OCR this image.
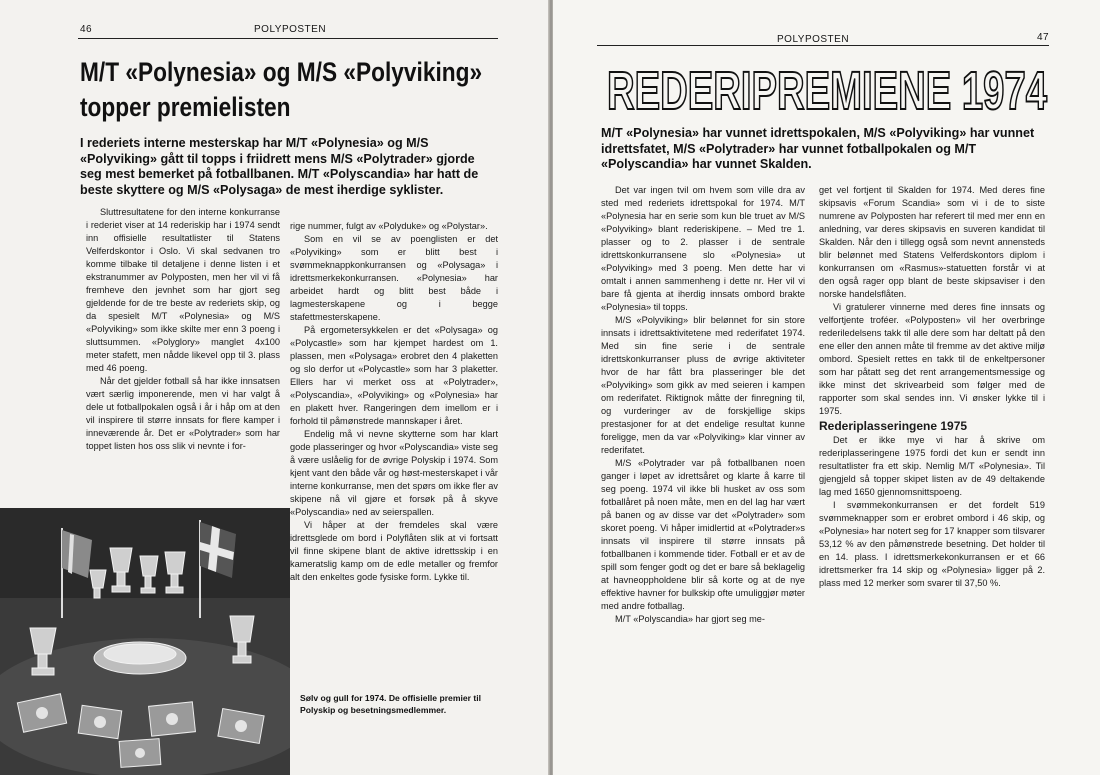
46	POLYPOSTEN
M/T «Polynesia» og M/S «Polyviking»
topper premielisten

I rederiets interne mesterskap har M/T «Polynesia» og M/S «Polyviking» gått til topps i friidrett mens M/S «Polytrader» gjorde seg mest bemerket på fotballbanen. M/T «Polyscandia» har hatt de beste skyttere og M/S «Polysaga» de mest iherdige syklister.

Sluttresultatene for den interne konkurranse i rederiet viser at 14 rederiskip har i 1974 sendt inn offisielle resultatlister til Statens Velferdskontor i Oslo. Vi skal sedvanen tro komme tilbake til detaljene i denne listen i et ekstranummer av Polyposten, men her vil vi få fremheve den jevnhet som har gjort seg gjeldende for de tre beste av rederiets skip, og da spesielt M/T «Polynesia» og M/S «Polyviking» som ikke skilte mer enn 3 poeng i sluttsummen. «Polyglory» manglet 4x100 meter stafett, men nådde likevel opp til 3. plass med 46 poeng.

Når det gjelder fotball så har ikke innsatsen vært særlig imponerende, men vi har valgt å dele ut fotballpokalen også i år i håp om at den vil inspirere til større innsats for flere kamper i inneværende år. Det er «Polytrader» som har toppet listen hos oss slik vi nevnte i for-

rige nummer, fulgt av «Polyduke» og «Polystar».

Som en vil se av poenglisten er det «Polyviking» som er blitt best i svømmeknappkonkurransen og «Polysaga» i idrettsmerkekonkurransen. «Polynesia» har arbeidet hardt og blitt best både i lagmesterskapene og i begge stafettmesterskapene.

På ergometersykkelen er det «Polysaga» og «Polycastle» som har kjempet hardest om 1. plassen, men «Polysaga» erobret den 4 plaketten og slo derfor ut «Polycastle» som har 3 plaketter. Ellers har vi merket oss at «Polytrader», «Polyscandia», «Polyviking» og «Polynesia» har en plakett hver. Rangeringen dem imellom er i forhold til påmønstrede mannskaper i året.

Endelig må vi nevne skytterne som har klart gode plasseringer og hvor «Polyscandia» viste seg å være uslåelig for de øvrige Polyskip i 1974. Som kjent vant den både vår og høst-mesterskapet i vår interne konkurranse, men det spørs om ikke fler av skipene nå vil gjøre et forsøk på å skyve «Polyscandia» ned av seierspallen.

Vi håper at der fremdeles skal være idrettsglede om bord i Polyflåten slik at vi fortsatt vil finne skipene blant de aktive idrettsskip i en kameratslig kamp om de edle metaller og fremfor alt den enkeltes gode fysiske form. Lykke til.

Sølv og gull for 1974. De offisielle premier til Polyskip og besetningsmedlemmer.
POLYPOSTEN	47
REDERIPREMIENE 1974

M/T «Polynesia» har vunnet idrettspokalen, M/S «Polyviking» har vunnet idrettsfatet, M/S «Polytrader» har vunnet fotballpokalen og M/T «Polyscandia» har vunnet Skalden.

Det var ingen tvil om hvem som ville dra av sted med rederiets idrettspokal for 1974. M/T «Polynesia har en serie som kun ble truet av M/S «Polyviking» blant rederiskipene. – Med tre 1. plasser og to 2. plasser i de sentrale idrettskonkurransene slo «Polynesia» ut «Polyviking» med 3 poeng. Men dette har vi omtalt i annen sammenheng i dette nr. Her vil vi bare få gjenta at iherdig innsats ombord brakte «Polynesia» til topps.

M/S «Polyviking» blir belønnet for sin store innsats i idrettsaktivitetene med rederifatet 1974. Med sin fine serie i de sentrale idrettskonkurranser pluss de øvrige aktiviteter hvor de har fått bra plasseringer ble det «Polyviking» som gikk av med seieren i kampen om rederifatet. Riktignok måtte der finregning til, og vurderinger av de forskjellige skips prestasjoner for at det endelige resultat kunne foreligge, men da var «Polyviking» klar vinner av rederifatet.

M/S «Polytrader var på fotballbanen noen ganger i løpet av idrettsåret og klarte å karre til seg poeng. 1974 vil ikke bli husket av oss som fotballåret på noen måte, men en del lag har vært på banen og av disse var det «Polytrader» som skoret poeng. Vi håper imidlertid at «Polytrader»s innsats vil inspirere til større innsats på fotballbanen i kommende tider. Fotball er et av de spill som fenger godt og det er bare så beklagelig at havneoppholdene blir så korte og at de nye effektive havner for bulkskip ofte umuliggjør møter med andre fotballag.

M/T «Polyscandia» har gjort seg me-

get vel fortjent til Skalden for 1974. Med deres fine skipsavis «Forum Scandia» som vi i de to siste numrene av Polyposten har referert til med mer enn en anledning, var deres skipsavis en suveren kandidat til Skalden. Når den i tillegg også som nevnt annensteds blir belønnet med Statens Velferdskontors diplom i konkurransen om «Rasmus»-statuetten forstår vi at den også rager opp blant de beste skipsaviser i den norske handelsflåten.

Vi gratulerer vinnerne med deres fine innsats og velfortjente troféer. «Polyposten» vil her overbringe rederiledelsens takk til alle dere som har deltatt på den ene eller den annen måte til fremme av det aktive miljø ombord. Spesielt rettes en takk til de enkeltpersoner som har påtatt seg det rent arrangementsmessige og ikke minst det skrivearbeid som følger med de rapporter som skal sendes inn. Vi ønsker lykke til i 1975.

Rederiplasseringene 1975

Det er ikke mye vi har å skrive om rederiplasseringene 1975 fordi det kun er sendt inn resultatlister fra ett skip. Nemlig M/T «Polynesia». Til gjengjeld så topper skipet listen av de 49 deltakende lag med 1650 gjennomsnittspoeng.

I svømmekonkurransen er det fordelt 519 svømmeknapper som er erobret ombord i 46 skip, og «Polynesia» har notert seg for 17 knapper som tilsvarer 53,12 % av den påmønstrede besetning. Det holder til en 14. plass. I idrettsmerkekonkurransen er et 66 idrettsmerker fra 14 skip og «Polynesia» ligger på 2. plass med 12 merker som svarer til 37,50 %.
